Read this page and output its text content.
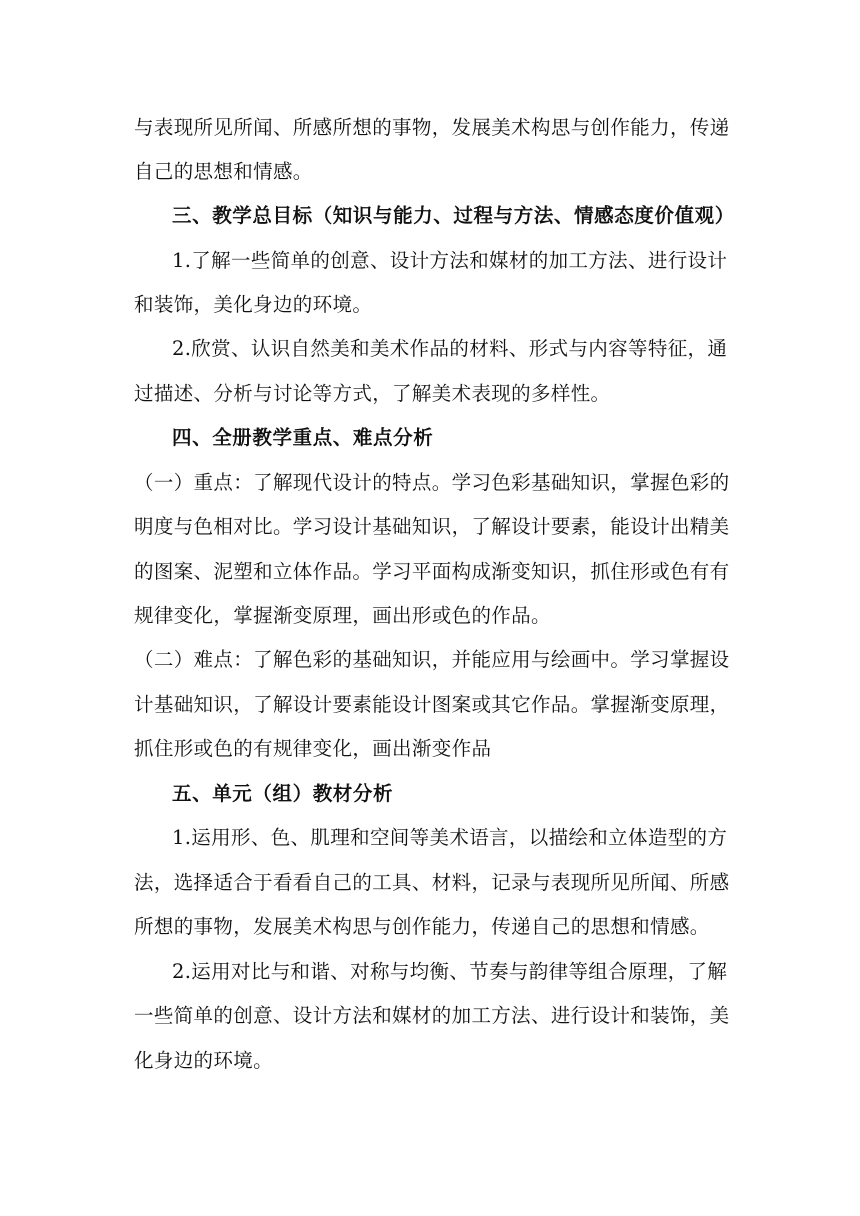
与表现所见所闻、所感所想的事物，发展美术构思与创作能力，传递
自己的思想和情感。
三、教学总目标（知识与能力、过程与方法、情感态度价值观）
1.了解一些简单的创意、设计方法和媒材的加工方法、进行设计
和装饰，美化身边的环境。
2.欣赏、认识自然美和美术作品的材料、形式与内容等特征，通
过描述、分析与讨论等方式，了解美术表现的多样性。
四、全册教学重点、难点分析
（一）重点：了解现代设计的特点。学习色彩基础知识，掌握色彩的
明度与色相对比。学习设计基础知识，了解设计要素，能设计出精美
的图案、泥塑和立体作品。学习平面构成渐变知识，抓住形或色有有
规律变化，掌握渐变原理，画出形或色的作品。
（二）难点：了解色彩的基础知识，并能应用与绘画中。学习掌握设
计基础知识，了解设计要素能设计图案或其它作品。掌握渐变原理，
抓住形或色的有规律变化，画出渐变作品
五、单元（组）教材分析
1.运用形、色、肌理和空间等美术语言，以描绘和立体造型的方
法，选择适合于看看自己的工具、材料，记录与表现所见所闻、所感
所想的事物，发展美术构思与创作能力，传递自己的思想和情感。
2.运用对比与和谐、对称与均衡、节奏与韵律等组合原理，了解
一些简单的创意、设计方法和媒材的加工方法、进行设计和装饰，美
化身边的环境。
